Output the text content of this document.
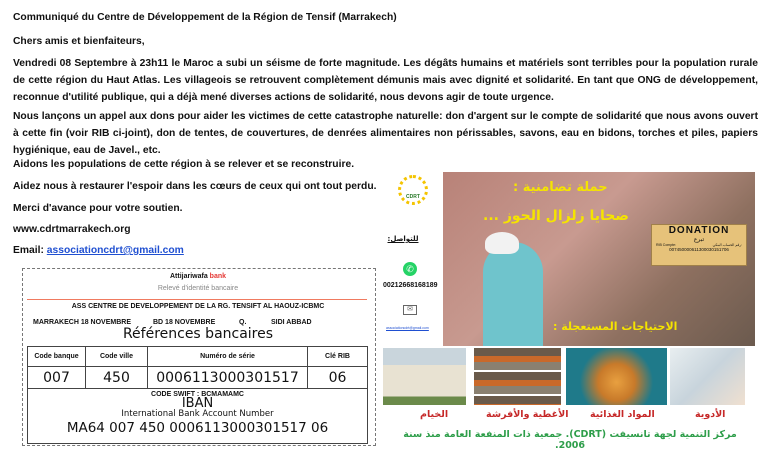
Communiqué du Centre de Développement de la Région de Tensif (Marrakech)
Chers amis et bienfaiteurs,
Vendredi 08 Septembre à 23h11 le Maroc a subi un séisme de forte magnitude. Les dégâts humains et matériels sont terribles pour la population rurale de cette région du Haut Atlas. Les villageois se retrouvent complètement démunis mais avec dignité et solidarité. En tant que ONG de développement, reconnue d'utilité publique, qui a déjà mené diverses actions de solidarité, nous devons agir de toute urgence.
Nous lançons un appel aux dons pour aider les victimes de cette catastrophe naturelle: don d'argent sur le compte de solidarité que nous avons ouvert à cette fin (voir RIB ci-joint), don de tentes, de couvertures, de denrées alimentaires non périssables, savons, eau en bidons, torches et piles, papiers hygiénique, eau de Javel., etc.
Aidons les populations de cette région à se relever et se reconstruire.
Aidez nous à restaurer l'espoir dans les cœurs de ceux qui ont tout perdu.
Merci d'avance pour votre soutien.
www.cdrtmarrakech.org
Email: associationcdrt@gmail.com
Attijariwafa bank
Relevé d'identité bancaire
ASS CENTRE DE DEVELOPPEMENT DE LA RG. TENSIFT AL HAOUZ-ICBMC
MARRAKECH 18 NOVEMBRE	BD 18 NOVEMBRE	Q.	SIDI ABBAD
Références bancaires
Code banque	Code ville	Numéro de série	Clé RIB
007	450	0006113000301517	06
CODE SWIFT : BCMAMAMC
IBAN
International Bank Account Number
MA64 007 450 0006113000301517 06
CDRT
للتواصل:
✆
00212668168189
✉
associationcdrt@gmail.com
حملة تضامنية :
ضحايا زلزال الحوز ...
DONATION
تبرع
RIB Compte:	رقم الحساب البنكي:
007450000611300030151706
الاحتياجات المستعجلة :
الخيام	الأغطية والأفرشة المواد الغذائية	الأدوية
مركز التنمية لجهة تانسيفت (CDRT). جمعية ذات المنفعة العامة منذ سنة 2006.
